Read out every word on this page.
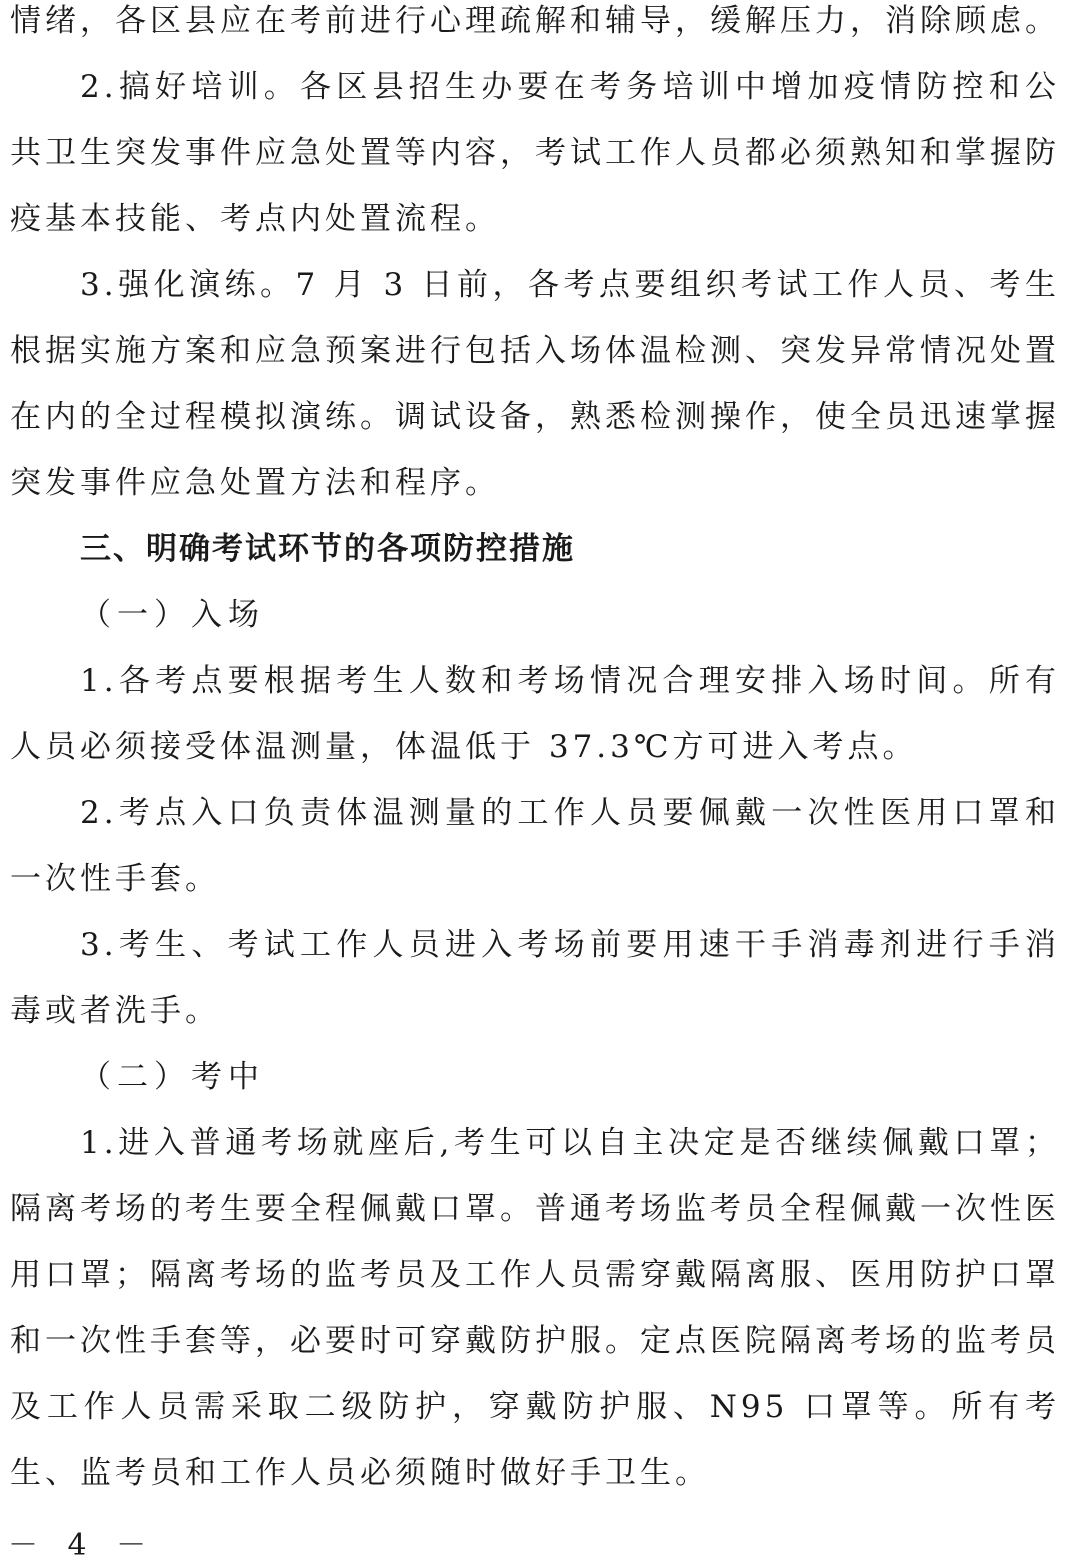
情绪，各区县应在考前进行心理疏解和辅导，缓解压力，消除顾虑。

2.搞好培训。各区县招生办要在考务培训中增加疫情防控和公共卫生突发事件应急处置等内容，考试工作人员都必须熟知和掌握防疫基本技能、考点内处置流程。

3.强化演练。7 月 3 日前，各考点要组织考试工作人员、考生根据实施方案和应急预案进行包括入场体温检测、突发异常情况处置在内的全过程模拟演练。调试设备，熟悉检测操作，使全员迅速掌握突发事件应急处置方法和程序。

三、明确考试环节的各项防控措施

（一）入场

1.各考点要根据考生人数和考场情况合理安排入场时间。所有人员必须接受体温测量，体温低于 37.3℃方可进入考点。

2.考点入口负责体温测量的工作人员要佩戴一次性医用口罩和一次性手套。

3.考生、考试工作人员进入考场前要用速干手消毒剂进行手消毒或者洗手。

（二）考中

1.进入普通考场就座后,考生可以自主决定是否继续佩戴口罩；隔离考场的考生要全程佩戴口罩。普通考场监考员全程佩戴一次性医用口罩；隔离考场的监考员及工作人员需穿戴隔离服、医用防护口罩和一次性手套等，必要时可穿戴防护服。定点医院隔离考场的监考员及工作人员需采取二级防护，穿戴防护服、N95 口罩等。所有考生、监考员和工作人员必须随时做好手卫生。

－ 4 －
